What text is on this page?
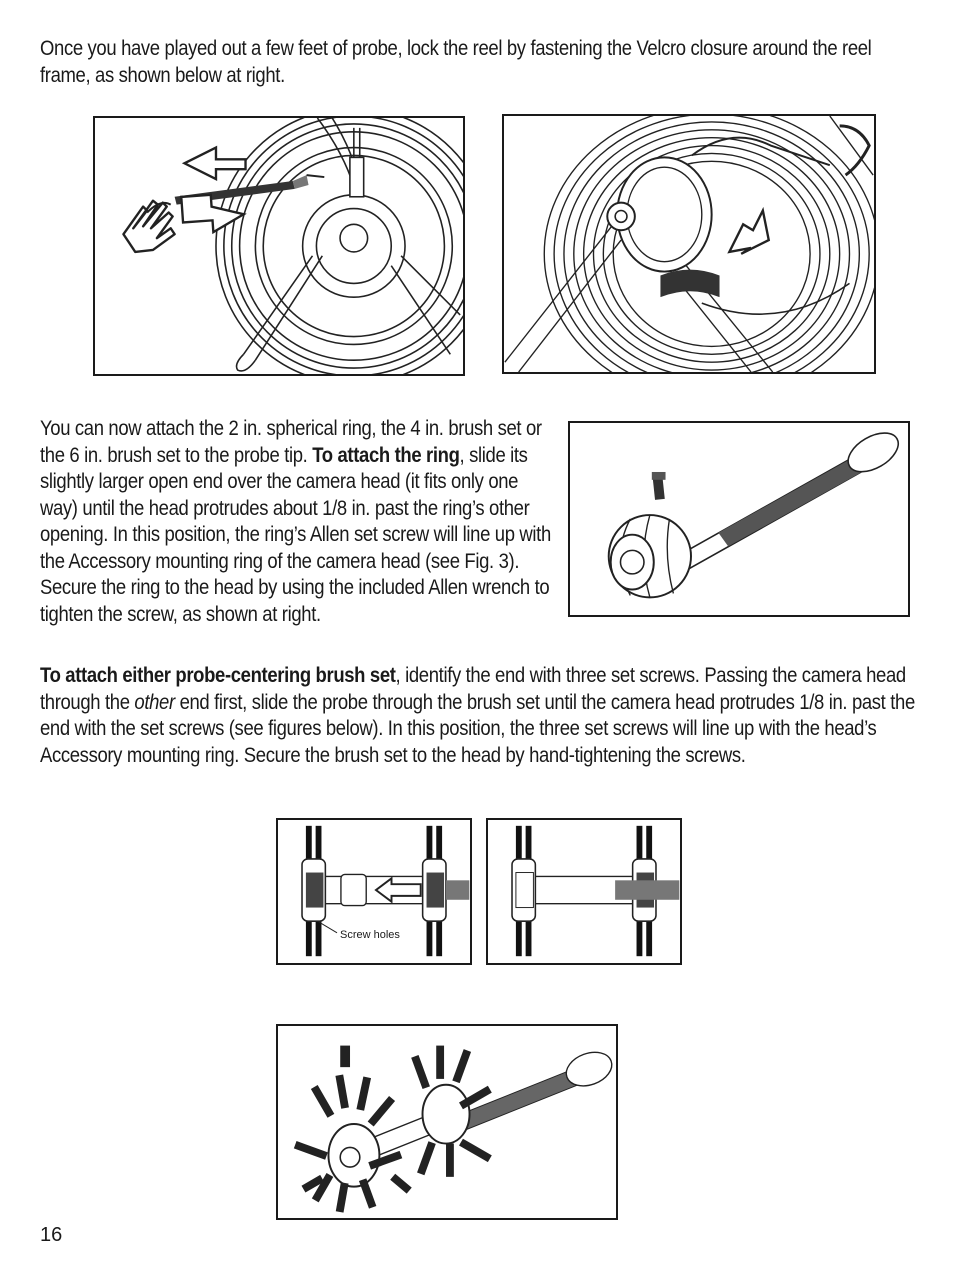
Once you have played out a few feet of probe, lock the reel by fastening the Velcro closure around the reel frame, as shown below at right.
You can now attach the 2 in. spherical ring, the 4 in. brush set or the 6 in. brush set to the probe tip. To attach the ring, slide its slightly larger open end over the camera head (it fits only one way) until the head protrudes about 1/8 in. past the ring’s other opening. In this position, the ring’s Allen set screw will line up with the Accessory mounting ring of the camera head (see Fig. 3). Secure the ring to the head by using the included Allen wrench to tighten the screw, as shown at right.
To attach either probe-centering brush set, identify the end with three set screws. Passing the camera head through the other end first, slide the probe through the brush set until the camera head protrudes 1/8 in. past the end with the set screws (see figures below). In this position, the three set screws will line up with the head’s Accessory mounting ring. Secure the brush set to the head by hand-tightening the screws.
Screw holes
16
